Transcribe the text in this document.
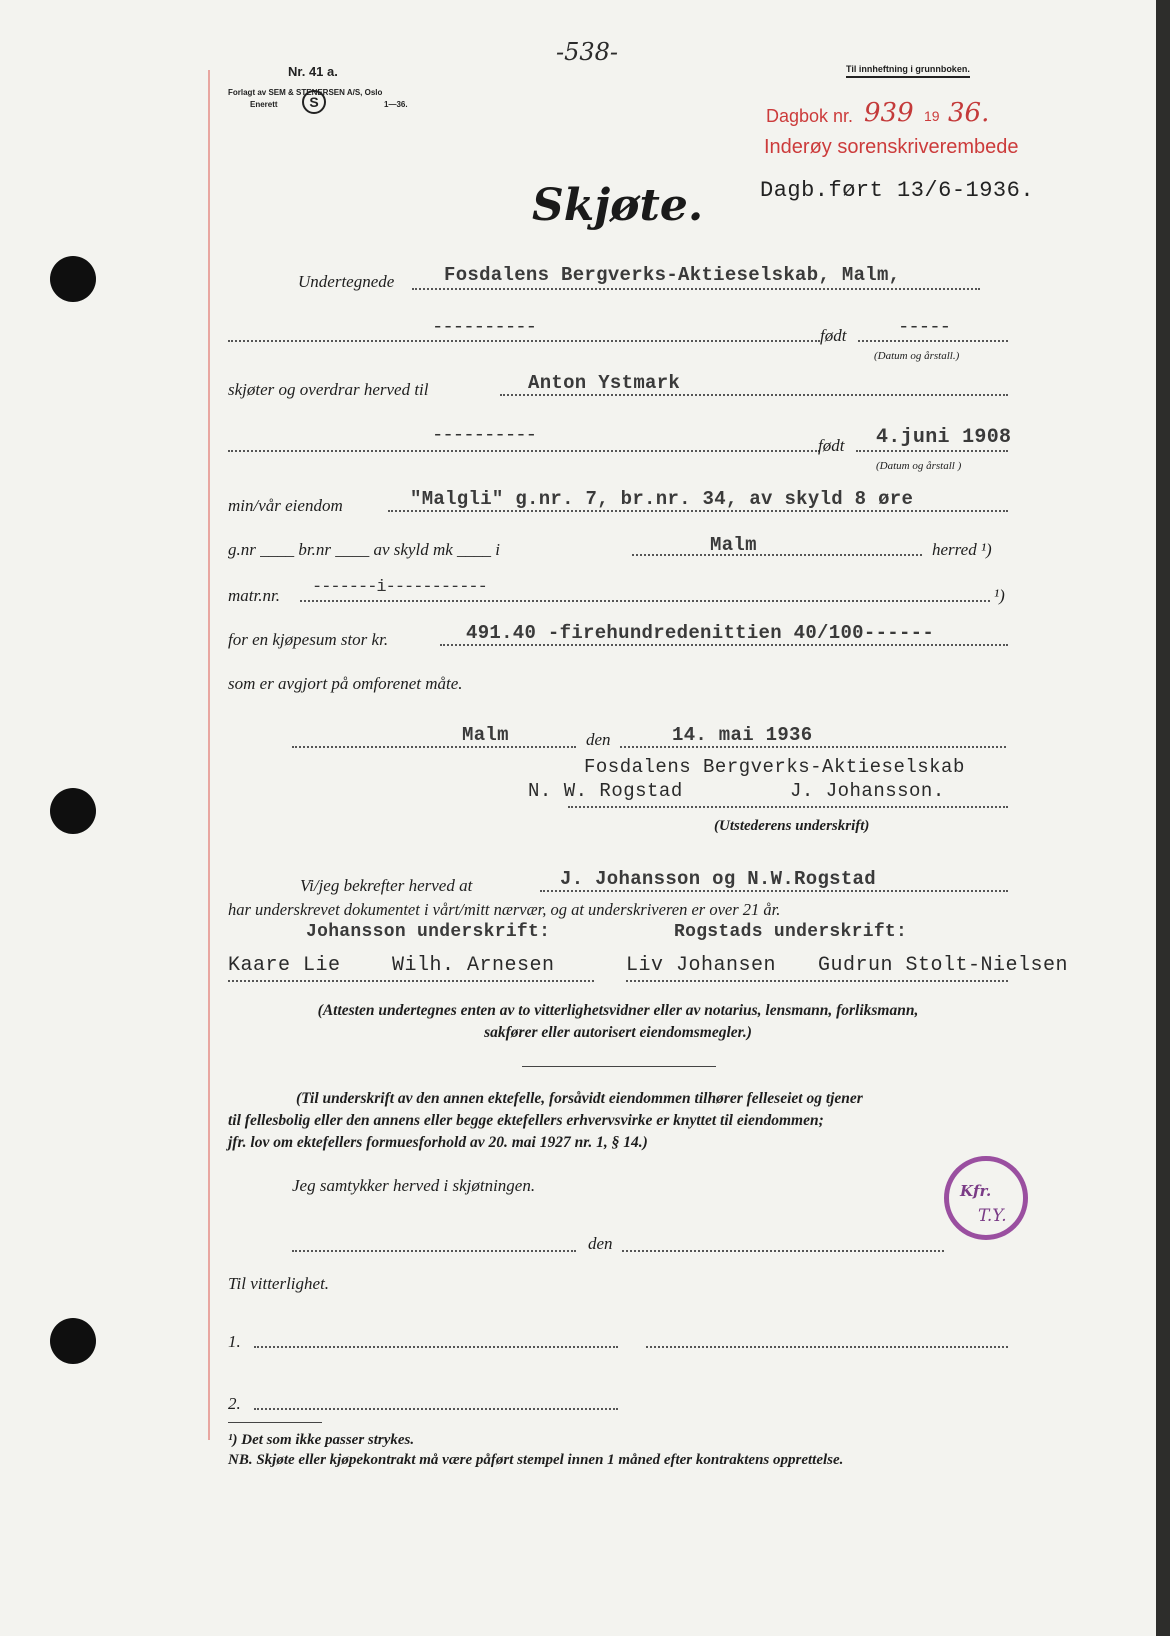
-538-
Nr. 41 a.
Forlagt av SEM & STENERSEN A/S, Oslo
Enerett	S	1—36.
Til innheftning i grunnboken.
Dagbok nr. 939 19 36.
Inderøy sorenskriverembede
Dagb.ført 13/6-1936.
Skjøte.
Undertegnede	Fosdalens Bergverks-Aktieselskab, Malm,
----------	født	-----
(Datum og årstall.)
skjøter og overdrar herved til	Anton Ystmark
----------	født 4.juni 1908
(Datum og årstall )
min/vår eiendom	"Malgli" g.nr. 7, br.nr. 34, av skyld 8 øre
g.nr ____ br.nr ____ av skyld mk ____ i	Malm	herred ¹)
matr.nr. -------i-----------	¹)
for en kjøpesum stor kr.	491.40 -firehundredenittien 40/100------
som er avgjort på omforenet måte.
Malm	den	14. mai 1936
Fosdalens Bergverks-Aktieselskab
N. W. Rogstad	J. Johansson.
(Utstederens underskrift)
Vi/jeg bekrefter herved at	J. Johansson og N.W.Rogstad
har underskrevet dokumentet i vårt/mitt nærvær, og at underskriveren er over 21 år.
Johansson underskrift:	Rogstads underskrift:
Kaare Lie	Wilh. Arnesen	Liv Johansen Gudrun Stolt-Nielsen
(Attesten undertegnes enten av to vitterlighetsvidner eller av notarius, lensmann, forliksmann,
sakfører eller autorisert eiendomsmegler.)
(Til underskrift av den annen ektefelle, forsåvidt eiendommen tilhører felleseiet og tjener
til fellesbolig eller den annens eller begge ektefellers erhvervsvirke er knyttet til eiendommen;
jfr. lov om ektefellers formuesforhold av 20. mai 1927 nr. 1, § 14.)
Jeg samtykker herved i skjøtningen.	Kfr.
T.Y.
den
Til vitterlighet.
1.
2.
¹) Det som ikke passer strykes.
NB. Skjøte eller kjøpekontrakt må være påført stempel innen 1 måned efter kontraktens opprettelse.
